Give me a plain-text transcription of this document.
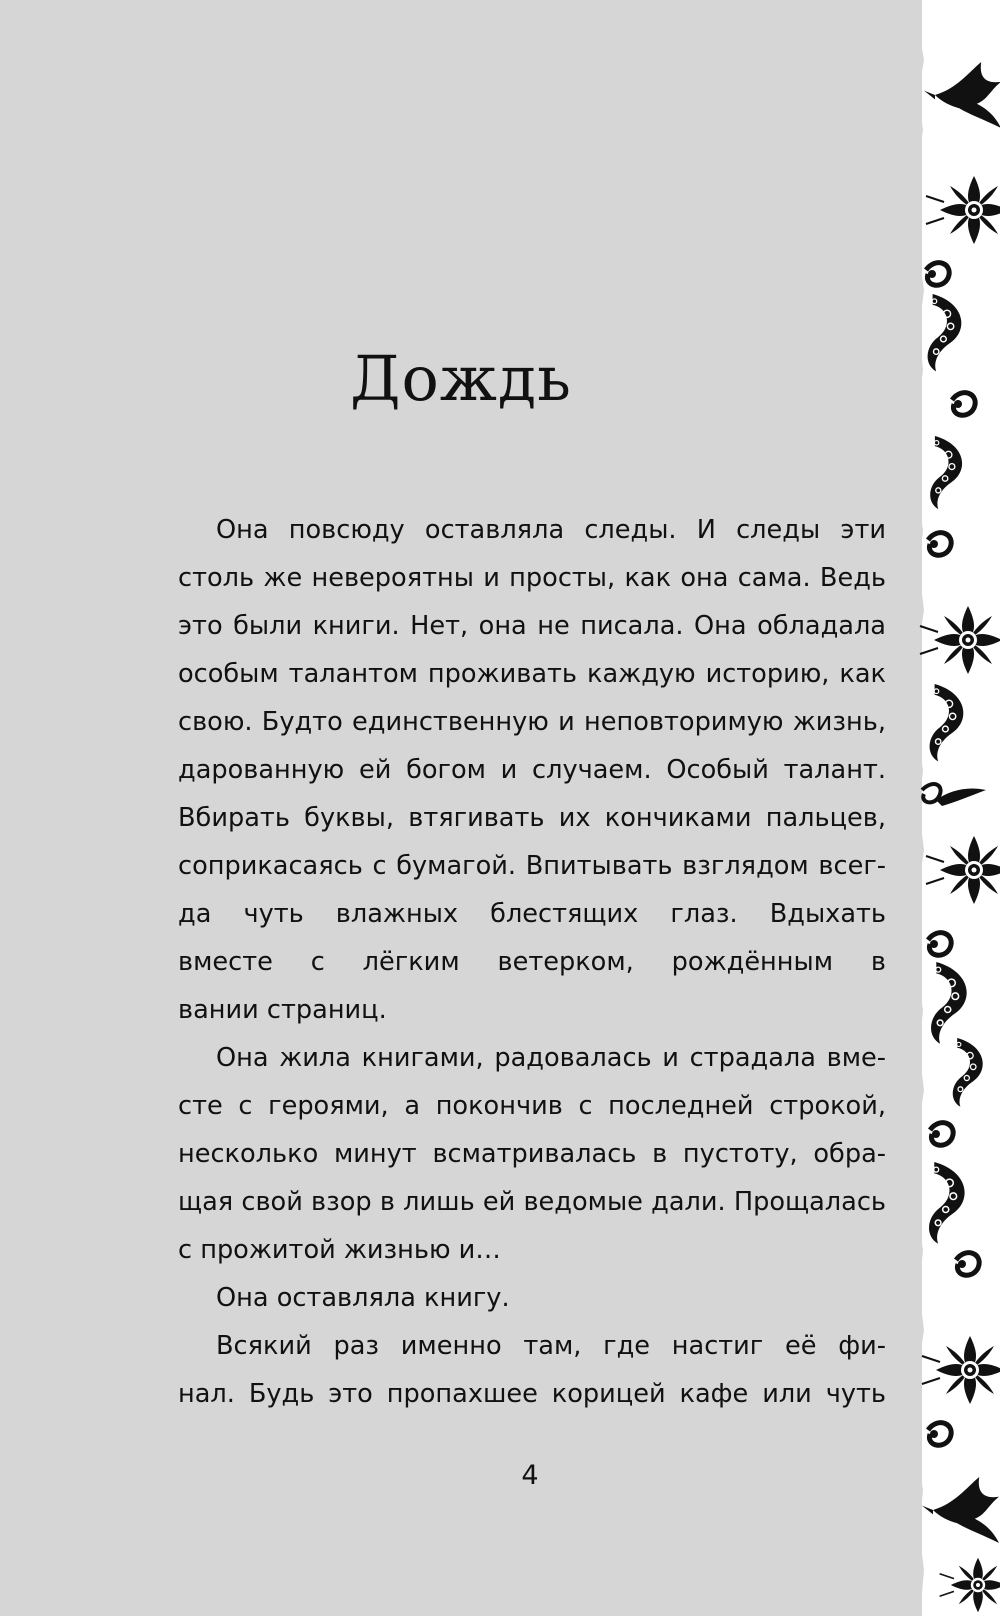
Дождь
Она повсюду оставляла следы. И следы эти
столь же невероятны и просты, как она сама. Ведь
это были книги. Нет, она не писала. Она обладала
особым талантом проживать каждую историю, как
свою. Будто единственную и неповторимую жизнь,
дарованную ей богом и случаем. Особый талант.
Вбирать буквы, втягивать их кончиками пальцев,
соприкасаясь с бумагой. Впитывать взглядом всег-
да чуть влажных блестящих глаз. Вдыхать
вместе с лёгким ветерком, рождённым в
вании страниц.
Она жила книгами, радовалась и страдала вме-
сте с героями, а покончив с последней строкой,
несколько минут всматривалась в пустоту, обра-
щая свой взор в лишь ей ведомые дали. Прощалась
с прожитой жизнью и…
Она оставляла книгу.
Всякий раз именно там, где настиг её фи-
нал. Будь это пропахшее корицей кафе или чуть
4
